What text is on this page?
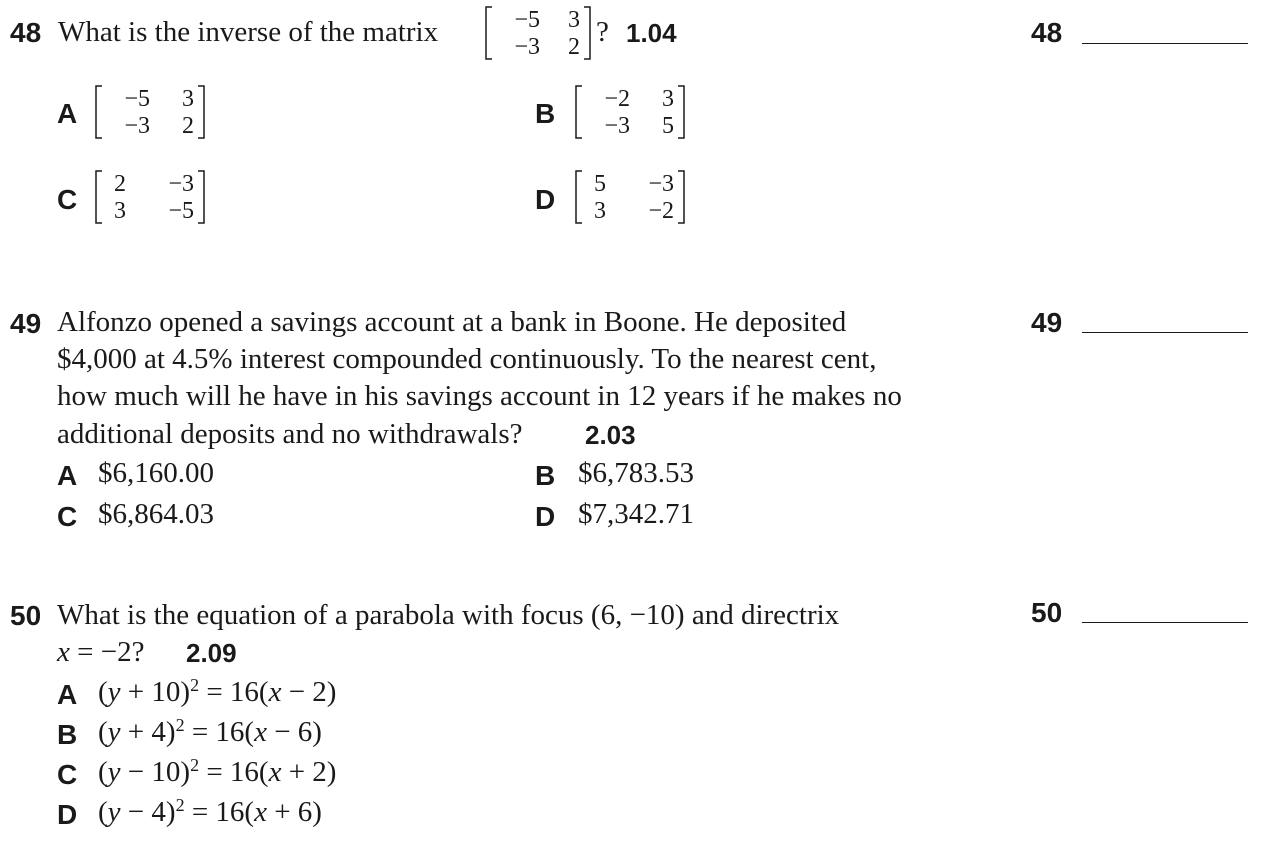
48 What is the inverse of the matrix	−5	3
−3	2 ? 1.04	48
A	−5	3
−3	2	B	−2	3
−3	5
C	2	−3
3	−5	D	5	−3
3	−2
49 Alfonzo opened a savings account at a bank in Boone. He deposited
$4,000 at 4.5% interest compounded continuously. To the nearest cent,
how much will he have in his savings account in 12 years if he makes no
additional deposits and no withdrawals? 2.03
49
A $6,160.00	B $6,783.53
C $6,864.03	D $7,342.71
50 What is the equation of a parabola with focus (6, −10) and directrix
x = −2? 2.09
50
A $(y + 10)^2 = 16(x - 2)$
B $(y + 4)^2 = 16(x - 6)$
C $(y - 10)^2 = 16(x + 2)$
D $(y - 4)^2 = 16(x + 6)$
